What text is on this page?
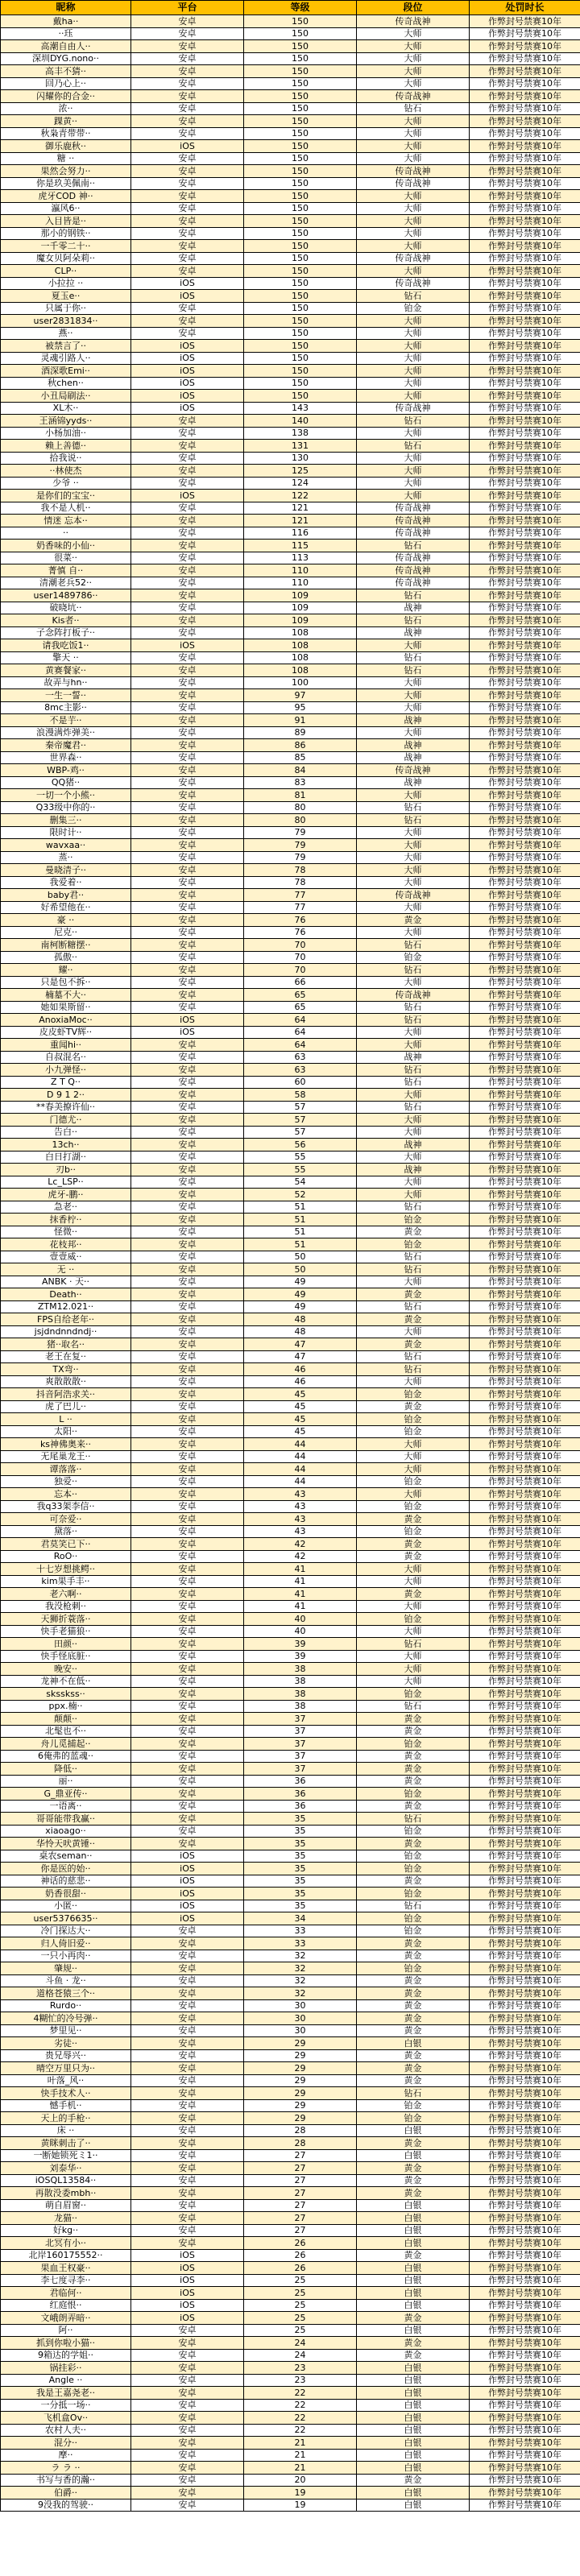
昵称	平台	等级	段位	处罚时长
戴ha··	安卓	150	传奇战神	作弊封号禁赛10年
··珏	安卓	150	大师	作弊封号禁赛10年
高潮自由人··	安卓	150	大师	作弊封号禁赛10年
深圳DYG.nono··	安卓	150	大师	作弊封号禁赛10年
高丰不猜··	安卓	150	大师	作弊封号禁赛10年
回乃心上··	安卓	150	大师	作弊封号禁赛10年
闪耀你的合金··	安卓	150	传奇战神	作弊封号禁赛10年
浓··	安卓	150	钻石	作弊封号禁赛10年
踝黄··	安卓	150	大师	作弊封号禁赛10年
秋枭青带带··	安卓	150	大师	作弊封号禁赛10年
御乐鹿秋··	iOS	150	大师	作弊封号禁赛10年
糖 ··	安卓	150	大师	作弊封号禁赛10年
果然会努力··	安卓	150	传奇战神	作弊封号禁赛10年
你是玖美佩南··	安卓	150	传奇战神	作弊封号禁赛10年
虎牙COD 神··	安卓	150	大师	作弊封号禁赛10年
瀛风6··	安卓	150	大师	作弊封号禁赛10年
入目皆是··	安卓	150	大师	作弊封号禁赛10年
那小的钢铁··	安卓	150	大师	作弊封号禁赛10年
一千零二十··	安卓	150	大师	作弊封号禁赛10年
魔女贝阿朵莉··	安卓	150	传奇战神	作弊封号禁赛10年
CLP··	安卓	150	大师	作弊封号禁赛10年
小拉拉 ··	iOS	150	传奇战神	作弊封号禁赛10年
夏玉e··	iOS	150	钻石	作弊封号禁赛10年
只属于你··	安卓	150	铂金	作弊封号禁赛10年
user2831834··	安卓	150	大师	作弊封号禁赛10年
燕··	安卓	150	大师	作弊封号禁赛10年
被禁言了··	iOS	150	大师	作弊封号禁赛10年
灵魂引路人··	iOS	150	大师	作弊封号禁赛10年
酒深歌Emi··	iOS	150	大师	作弊封号禁赛10年
秋chen··	iOS	150	大师	作弊封号禁赛10年
小丑局刷法··	iOS	150	大师	作弊封号禁赛10年
XL木··	iOS	143	传奇战神	作弊封号禁赛10年
王涵锦yyds··	安卓	140	钻石	作弊封号禁赛10年
小杨加油··	安卓	138	大师	作弊封号禁赛10年
赖上善德··	安卓	131	钻石	作弊封号禁赛10年
拾我说··	安卓	130	大师	作弊封号禁赛10年
··林使杰	安卓	125	大师	作弊封号禁赛10年
少爷 ··	安卓	124	大师	作弊封号禁赛10年
是你们的宝宝··	iOS	122	大师	作弊封号禁赛10年
我不是人机··	安卓	121	传奇战神	作弊封号禁赛10年
情迷 忘本··	安卓	121	传奇战神	作弊封号禁赛10年
··	安卓	116	传奇战神	作弊封号禁赛10年
奶香味的小仙··	安卓	115	钻石	作弊封号禁赛10年
很菜··	安卓	113	传奇战神	作弊封号禁赛10年
菁慎 自··	安卓	110	传奇战神	作弊封号禁赛10年
清潮老兵52··	安卓	110	传奇战神	作弊封号禁赛10年
user1489786··	安卓	109	钻石	作弊封号禁赛10年
破晓坑··	安卓	109	战神	作弊封号禁赛10年
Kis者··	安卓	109	钻石	作弊封号禁赛10年
子念阵打板子··	安卓	108	战神	作弊封号禁赛10年
请我吃饭1··	iOS	108	大师	作弊封号禁赛10年
擎天 ··	安卓	108	钻石	作弊封号禁赛10年
黄赛餐家··	安卓	108	钻石	作弊封号禁赛10年
故弄与hn··	安卓	100	大师	作弊封号禁赛10年
一生一誓··	安卓	97	大师	作弊封号禁赛10年
8mc主影··	安卓	95	大师	作弊封号禁赛10年
不是芋··	安卓	91	战神	作弊封号禁赛10年
浪漫满炸弹美··	安卓	89	大师	作弊封号禁赛10年
秦帝魔君··	安卓	86	战神	作弊封号禁赛10年
世界森··	安卓	85	战神	作弊封号禁赛10年
WBP-鸡··	安卓	84	传奇战神	作弊封号禁赛10年
QQ猪··	安卓	83	战神	作弊封号禁赛10年
一切一个小熊··	安卓	81	大师	作弊封号禁赛10年
Q33级中你的··	安卓	80	钻石	作弊封号禁赛10年
删集三··	安卓	80	钻石	作弊封号禁赛10年
限时计··	安卓	79	大师	作弊封号禁赛10年
wavxaa··	安卓	79	大师	作弊封号禁赛10年
蒸··	安卓	79	大师	作弊封号禁赛10年
曼晓清子··	安卓	78	大师	作弊封号禁赛10年
我爱着··	安卓	78	大师	作弊封号禁赛10年
baby君··	安卓	77	传奇战神	作弊封号禁赛10年
好希望他在··	安卓	77	大师	作弊封号禁赛10年
豪 ··	安卓	76	黄金	作弊封号禁赛10年
尼克··	安卓	76	大师	作弊封号禁赛10年
南柯断糖摆··	安卓	70	钻石	作弊封号禁赛10年
孤傲··	安卓	70	铂金	作弊封号禁赛10年
耀··	安卓	70	钻石	作弊封号禁赛10年
只是包不拆··	安卓	66	大师	作弊封号禁赛10年
楠墓不大··	安卓	65	传奇战神	作弊封号禁赛10年
她如果斯留··	安卓	65	钻石	作弊封号禁赛10年
AnoxiaMoc··	iOS	64	钻石	作弊封号禁赛10年
皮皮虾TV辉··	iOS	64	大师	作弊封号禁赛10年
重闻hi··	安卓	64	大师	作弊封号禁赛10年
自叔混名··	安卓	63	战神	作弊封号禁赛10年
小九弹怪··	安卓	63	钻石	作弊封号禁赛10年
Z T Q··	安卓	60	钻石	作弊封号禁赛10年
D 9 1 2··	安卓	58	大师	作弊封号禁赛10年
**春美撩许仙··	安卓	57	钻石	作弊封号禁赛10年
门德尤··	安卓	57	大师	作弊封号禁赛10年
告白··	安卓	57	大师	作弊封号禁赛10年
13ch··	安卓	56	战神	作弊封号禁赛10年
白日打湖··	安卓	55	大师	作弊封号禁赛10年
刃b··	安卓	55	战神	作弊封号禁赛10年
Lc_LSP··	安卓	54	大师	作弊封号禁赛10年
虎牙-鹏··	安卓	52	大师	作弊封号禁赛10年
急老··	安卓	51	钻石	作弊封号禁赛10年
抹香柠··	安卓	51	铂金	作弊封号禁赛10年
怪微··	安卓	51	黄金	作弊封号禁赛10年
花枝邦··	安卓	51	铂金	作弊封号禁赛10年
壹壹威··	安卓	50	钻石	作弊封号禁赛10年
无 ··	安卓	50	钻石	作弊封号禁赛10年
ANBK · 天··	安卓	49	大师	作弊封号禁赛10年
Death··	安卓	49	黄金	作弊封号禁赛10年
ZTM12.021··	安卓	49	钻石	作弊封号禁赛10年
FPS自给老年··	安卓	48	黄金	作弊封号禁赛10年
jsjdndnndndj··	安卓	48	大师	作弊封号禁赛10年
猪··取名··	安卓	47	黄金	作弊封号禁赛10年
老王在复··	安卓	47	钻石	作弊封号禁赛10年
TX弯··	安卓	46	钻石	作弊封号禁赛10年
爽散散散··	安卓	46	大师	作弊封号禁赛10年
抖音阿浩求关··	安卓	45	铂金	作弊封号禁赛10年
虎了巴儿··	安卓	45	黄金	作弊封号禁赛10年
L ··	安卓	45	铂金	作弊封号禁赛10年
太阳··	安卓	45	铂金	作弊封号禁赛10年
ks神佛奥来··	安卓	44	大师	作弊封号禁赛10年
无尾巢龙王··	安卓	44	大师	作弊封号禁赛10年
谭落落··	安卓	44	大师	作弊封号禁赛10年
独爱··	安卓	44	铂金	作弊封号禁赛10年
忘本··	安卓	43	大师	作弊封号禁赛10年
我q33架李信··	安卓	43	铂金	作弊封号禁赛10年
可奈爱··	安卓	43	黄金	作弊封号禁赛10年
黛落··	安卓	43	铂金	作弊封号禁赛10年
君莫笑已下··	安卓	42	黄金	作弊封号禁赛10年
RoO··	安卓	42	黄金	作弊封号禁赛10年
十七岁想挑鳄··	安卓	41	大师	作弊封号禁赛10年
kim果手丰··	安卓	41	大师	作弊封号禁赛10年
老六啊··	安卓	41	黄金	作弊封号禁赛10年
我没枪刺··	安卓	41	大师	作弊封号禁赛10年
天狮折蓑落··	安卓	40	铂金	作弊封号禁赛10年
快手老猫狼··	安卓	40	大师	作弊封号禁赛10年
田颜··	安卓	39	钻石	作弊封号禁赛10年
快手怪底脏··	安卓	39	大师	作弊封号禁赛10年
晚安··	安卓	38	大师	作弊封号禁赛10年
龙神不在低··	安卓	38	大师	作弊封号禁赛10年
sksskss··	安卓	38	铂金	作弊封号禁赛10年
ppx.楠··	安卓	38	钻石	作弊封号禁赛10年
颠颠··	安卓	37	黄金	作弊封号禁赛10年
北髦也不··	安卓	37	黄金	作弊封号禁赛10年
舟儿觅捕起··	安卓	37	铂金	作弊封号禁赛10年
6俺弗的蓝魂··	安卓	37	黄金	作弊封号禁赛10年
降低··	安卓	37	黄金	作弊封号禁赛10年
丽··	安卓	36	黄金	作弊封号禁赛10年
G_鼎亚传··	安卓	36	铂金	作弊封号禁赛10年
一语离··	安卓	36	黄金	作弊封号禁赛10年
哥哥能带我赢··	安卓	35	钻石	作弊封号禁赛10年
xiaoago··	安卓	35	铂金	作弊封号禁赛10年
华怜天吠黄锤··	安卓	35	黄金	作弊封号禁赛10年
桌农seman··	iOS	35	铂金	作弊封号禁赛10年
你是医的始··	iOS	35	铂金	作弊封号禁赛10年
神话的慈悲··	iOS	35	黄金	作弊封号禁赛10年
奶香很甜··	iOS	35	铂金	作弊封号禁赛10年
小匿··	iOS	35	钻石	作弊封号禁赛10年
user5376635··	iOS	34	铂金	作弊封号禁赛10年
冷门探达大··	安卓	33	铂金	作弊封号禁赛10年
归人倚旧爱··	安卓	33	黄金	作弊封号禁赛10年
一只小再肉··	安卓	32	黄金	作弊封号禁赛10年
肇规··	安卓	32	铂金	作弊封号禁赛10年
斗鱼 · 龙··	安卓	32	黄金	作弊封号禁赛10年
道格苍猿三个··	安卓	32	黄金	作弊封号禁赛10年
Rurdo··	安卓	30	黄金	作弊封号禁赛10年
4糊忙的冷号弹··	安卓	30	黄金	作弊封号禁赛10年
梦里见··	安卓	30	黄金	作弊封号禁赛10年
劣徒··	安卓	29	白银	作弊封号禁赛10年
贵兄辱兴··	安卓	29	黄金	作弊封号禁赛10年
晴空万里只为··	安卓	29	黄金	作弊封号禁赛10年
叶落_风··	安卓	29	黄金	作弊封号禁赛10年
快手技术人··	安卓	29	钻石	作弊封号禁赛10年
憾手机··	安卓	29	铂金	作弊封号禁赛10年
天上的手枪··	安卓	29	铂金	作弊封号禁赛10年
床 ··	安卓	28	白银	作弊封号禁赛10年
黄眯刺击了··	安卓	28	黄金	作弊封号禁赛10年
一断她锁死ミ1··	安卓	27	白银	作弊封号禁赛10年
刘泰华··	安卓	27	黄金	作弊封号禁赛10年
iOSQL13584··	安卓	27	黄金	作弊封号禁赛10年
再散没委mbh··	安卓	27	黄金	作弊封号禁赛10年
萌自眉窗··	安卓	27	白银	作弊封号禁赛10年
龙猫··	安卓	27	白银	作弊封号禁赛10年
好kg··	安卓	27	白银	作弊封号禁赛10年
北冥有小··	安卓	26	白银	作弊封号禁赛10年
北岸160175552··	iOS	26	黄金	作弊封号禁赛10年
果血王权豪··	iOS	26	白银	作弊封号禁赛10年
李七度寻李··	iOS	25	白银	作弊封号禁赛10年
君临何··	iOS	25	白银	作弊封号禁赛10年
红庭恨··	iOS	25	白银	作弊封号禁赛10年
文峨朗弄暗··	iOS	25	黄金	作弊封号禁赛10年
阿··	安卓	25	白银	作弊封号禁赛10年
抓到你啦小猫··	安卓	24	黄金	作弊封号禁赛10年
9箱达的学姐··	安卓	24	黄金	作弊封号禁赛10年
锅挂彩··	安卓	23	白银	作弊封号禁赛10年
Angle ··	安卓	23	白银	作弊封号禁赛10年
我是王嘉尧老··	安卓	22	白银	作弊封号禁赛10年
一分抵一场··	安卓	22	白银	作弊封号禁赛10年
飞机盒Ov··	安卓	22	白银	作弊封号禁赛10年
农村人夫··	安卓	22	白银	作弊封号禁赛10年
混分··	安卓	21	白银	作弊封号禁赛10年
摩··	安卓	21	白银	作弊封号禁赛10年
ラ ラ ··	安卓	21	白银	作弊封号禁赛10年
书写与香的瀚··	安卓	20	黄金	作弊封号禁赛10年
伯爵··	安卓	19	白银	作弊封号禁赛10年
9没我的驾驶··	安卓	19	白银	作弊封号禁赛10年
